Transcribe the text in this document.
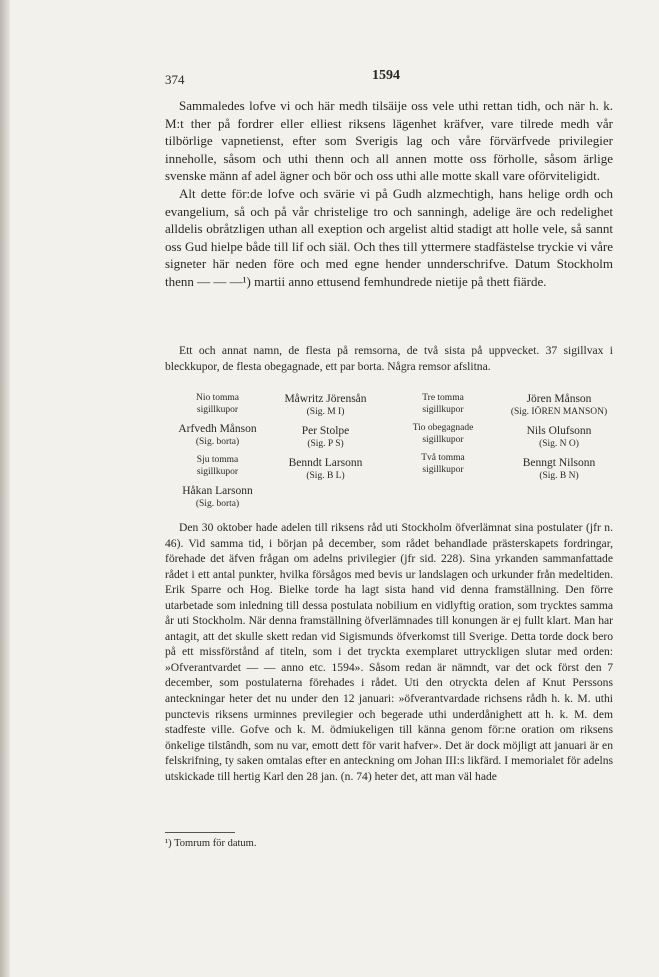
374	1594

Sammaledes lofve vi och här medh tilsäije oss vele uthi rettan tidh, och när h. k. M:t ther på fordrer eller elliest riksens lägenhet kräfver, vare tilrede medh vår tilbörlige vapnetienst, efter som Sverigis lag och våre förvärfvede privilegier inneholle, såsom och uthi thenn och all annen motte oss förholle, såsom ärlige svenske männ af adel ägner och bör och oss uthi alle motte skall vare oförviteligidt.

Alt dette för:de lofve och svärie vi på Gudh alzmechtigh, hans helige ordh och evangelium, så och på vår christelige tro och sanningh, adelige äre och redelighet alldelis obråtzligen uthan all exeption och argelist altid stadigt att holle vele, så sannt oss Gud hielpe både till lif och siäl. Och thes till yttermere stadfästelse tryckie vi våre signeter här neden före och med egne hender unnderschrifve. Datum Stockholm thenn — — —¹) martii anno ettusend femhundrede nietije på thett fiärde.

Ett och annat namn, de flesta på remsorna, de två sista på uppvecket. 37 sigillvax i bleckkupor, de flesta obegagnade, ett par borta. Några remsor afslitna.

Nio tomma
sigillkupor
Arfvedh Månson
(Sig. borta)
Sju tomma
sigillkupor
Håkan Larsonn
(Sig. borta)
Måwritz Jörensån
(Sig. M I)
Per Stolpe
(Sig. P S)
Benndt Larsonn
(Sig. B L)
Tre tomma
sigillkupor
Tio obegagnade
sigillkupor
Två tomma
sigillkupor
Jören Månson
(Sig. IÖREN MANSON)
Nils Olufsonn
(Sig. N O)
Benngt Nilsonn
(Sig. B N)

Den 30 oktober hade adelen till riksens råd uti Stockholm öfverlämnat sina postulater (jfr n. 46). Vid samma tid, i början på december, som rådet behandlade prästerskapets fordringar, förehade det äfven frågan om adelns privilegier (jfr sid. 228). Sina yrkanden sammanfattade rådet i ett antal punkter, hvilka försågos med bevis ur landslagen och urkunder från medeltiden. Erik Sparre och Hog. Bielke torde ha lagt sista hand vid denna framställning. Den förre utarbetade som inledning till dessa postulata nobilium en vidlyftig oration, som tr​yck​tes samma år uti Stockholm. När denna framställning öfverlämnades till konungen är ej fullt klart. Man har antagit, att det skulle skett redan vid Sigismunds öfverkomst till Sverige. Detta torde dock bero på ett missförstånd af titeln, som i det tryckta exemplaret uttryckligen slutar med orden: »Ofverantvardet — — anno etc. 1594». Såsom redan är nämndt, var det ock först den 7 december, som postulaterna förehades i rådet. Uti den otryckta delen af Knut Perssons anteckningar heter det nu under den 12 januari: »öfverantvardade richsens rådh h. k. M. uthi punctevis riksens urminnes previlegier och begerade uthi underdånighett att h. k. M. dem stadfeste ville. Gofve och k. M. ödmiukeligen till känna genom för:ne oration om riksens önkelige tilstândh, som nu var, emott dett för varit hafver». Det är dock möjligt att januari är en felskrifning, ty saken omtalas efter en anteckning om Johan III:s likfärd. I memorialet för adelns utskickade till hertig Karl den 28 jan. (n. 74) heter det, att man väl hade

¹) Tomrum för datum.
